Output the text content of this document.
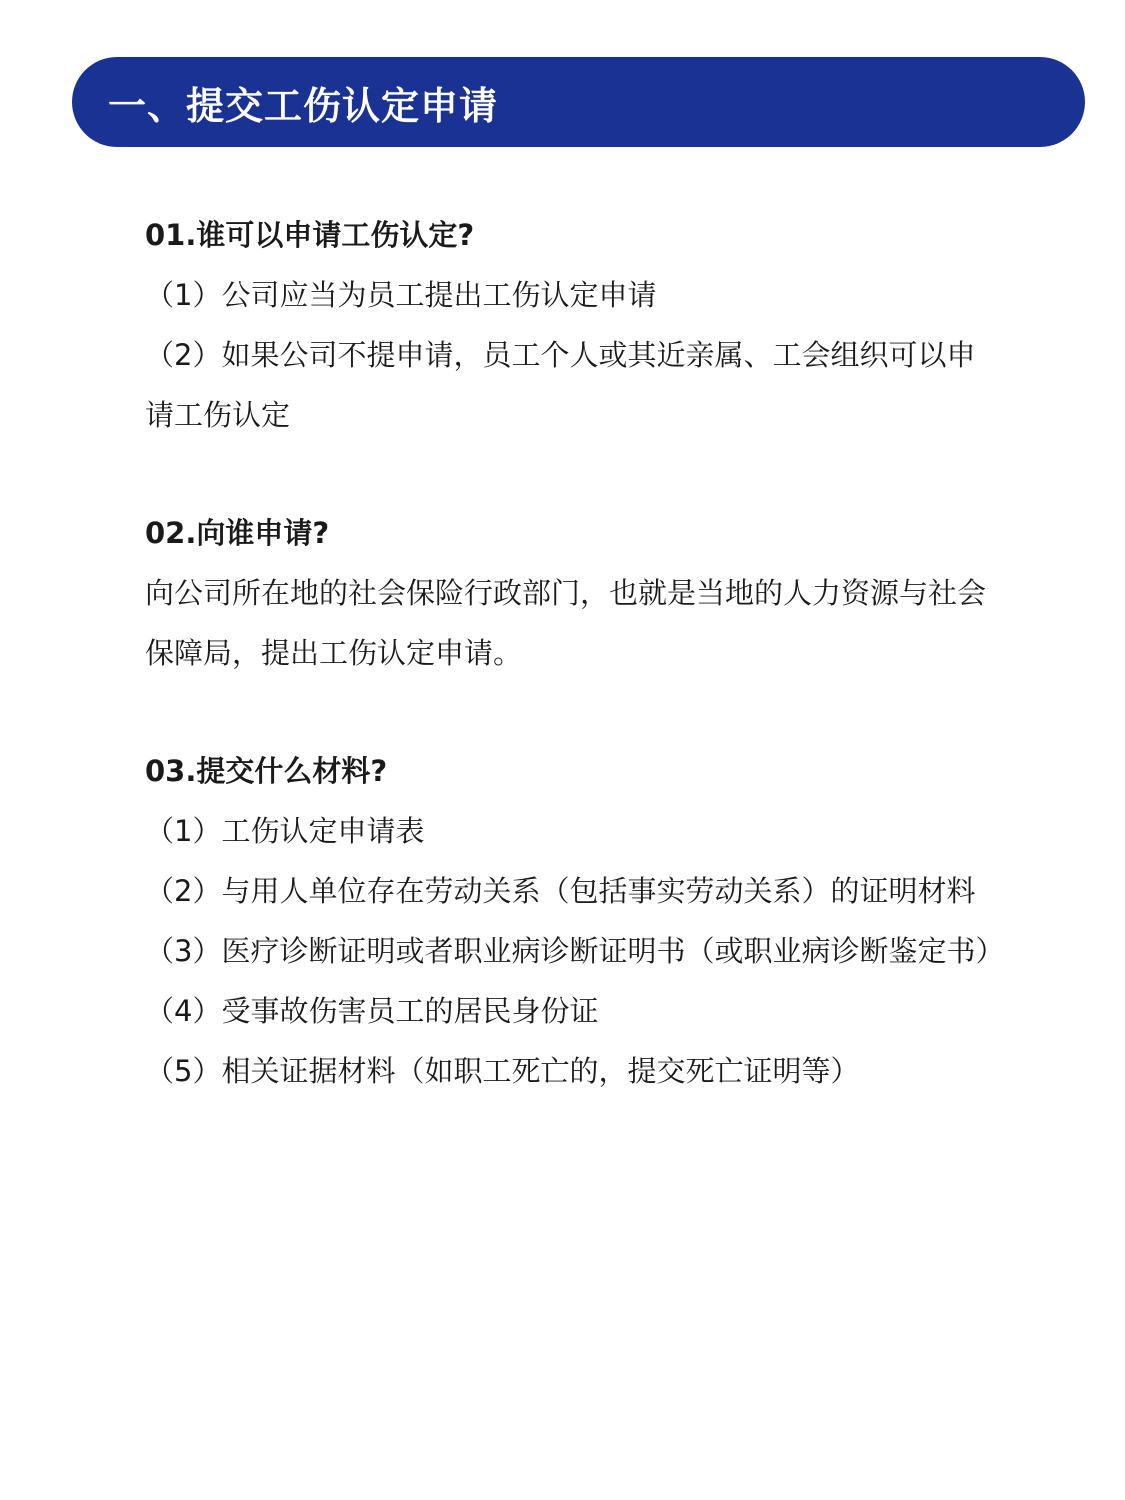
一、提交工伤认定申请

01.谁可以申请工伤认定?

（1）公司应当为员工提出工伤认定申请

（2）如果公司不提申请，员工个人或其近亲属、工会组织可以申请工伤认定

02.向谁申请?

向公司所在地的社会保险行政部门，也就是当地的人力资源与社会保障局，提出工伤认定申请。

03.提交什么材料?

（1）工伤认定申请表

（2）与用人单位存在劳动关系（包括事实劳动关系）的证明材料

（3）医疗诊断证明或者职业病诊断证明书（或职业病诊断鉴定书）

（4）受事故伤害员工的居民身份证

（5）相关证据材料（如职工死亡的，提交死亡证明等）
